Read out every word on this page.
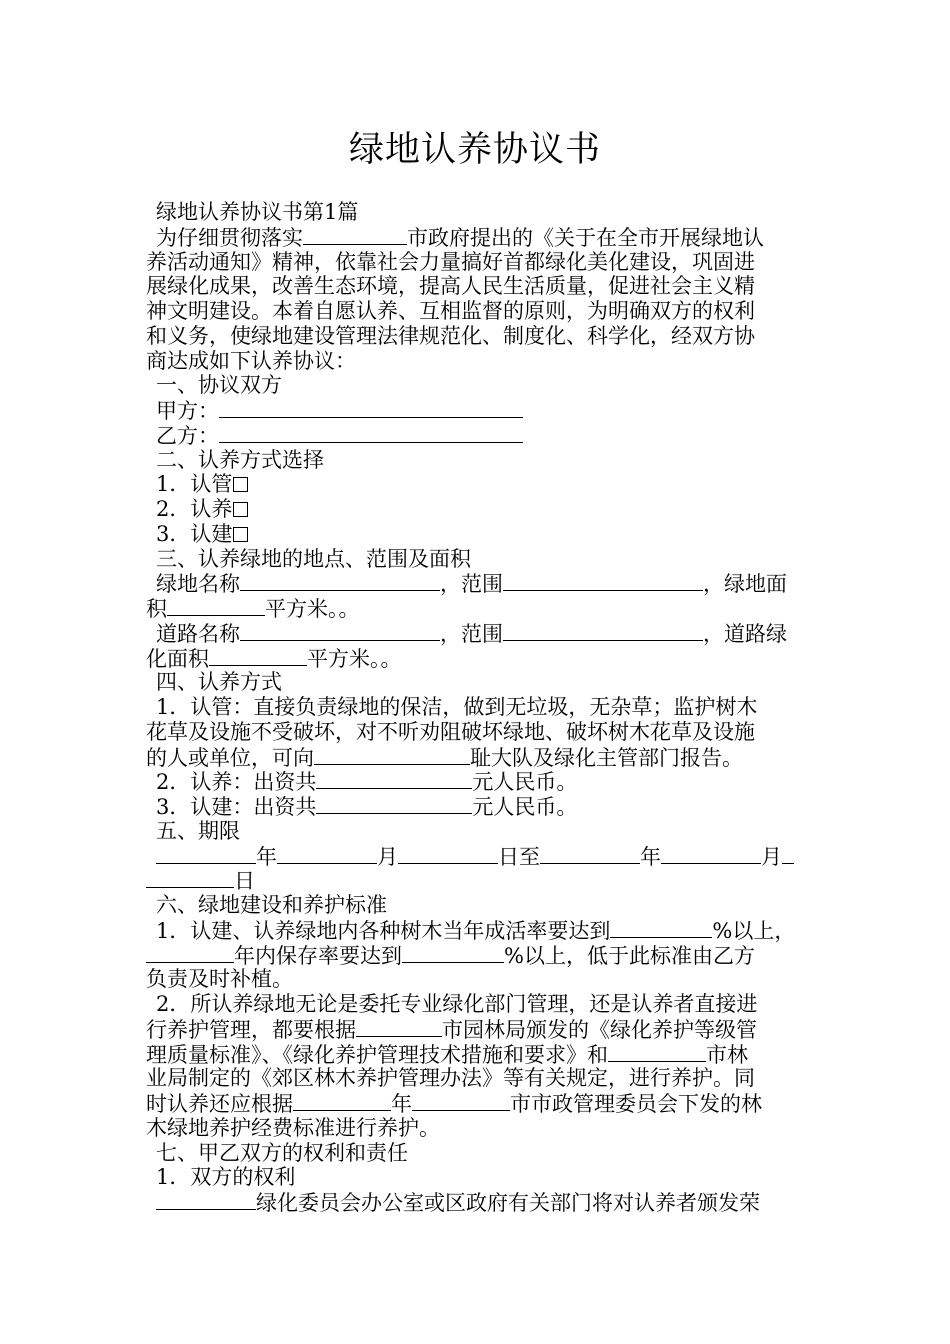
绿地认养协议书
绿地认养协议书第1篇
为仔细贯彻落实	市政府提出的《关于在全市开展绿地认
养活动通知》精神，依靠社会力量搞好首都绿化美化建设，巩固进
展绿化成果，改善生态环境，提高人民生活质量，促进社会主义精
神文明建设。本着自愿认养、互相监督的原则，为明确双方的权利
和义务，使绿地建设管理法律规范化、制度化、科学化，经双方协
商达成如下认养协议：
一、协议双方
甲方：
乙方：
二、认养方式选择
1．认管
2．认养
3．认建
三、认养绿地的地点、范围及面积
绿地名称	，范围	，绿地面
积	平方米。。
道路名称	，范围	，道路绿
化面积	平方米。。
四、认养方式
1．认管：直接负责绿地的保洁，做到无垃圾，无杂草；监护树木
花草及设施不受破坏，对不听劝阻破坏绿地、破坏树木花草及设施
的人或单位，可向	耻大队及绿化主管部门报告。
2．认养：出资共	元人民币。
3．认建：出资共	元人民币。
五、期限
年	月	日至	年	月
日
六、绿地建设和养护标准
1．认建、认养绿地内各种树木当年成活率要达到	%以上，
年内保存率要达到	%以上，低于此标准由乙方
负责及时补植。
2．所认养绿地无论是委托专业绿化部门管理，还是认养者直接进
行养护管理，都要根据	市园林局颁发的《绿化养护等级管
理质量标准》、《绿化养护管理技术措施和要求》和	市林
业局制定的《郊区林木养护管理办法》等有关规定，进行养护。同
时认养还应根据	年	市市政管理委员会下发的林
木绿地养护经费标准进行养护。
七、甲乙双方的权利和责任
1．双方的权利
绿化委员会办公室或区政府有关部门将对认养者颁发荣
